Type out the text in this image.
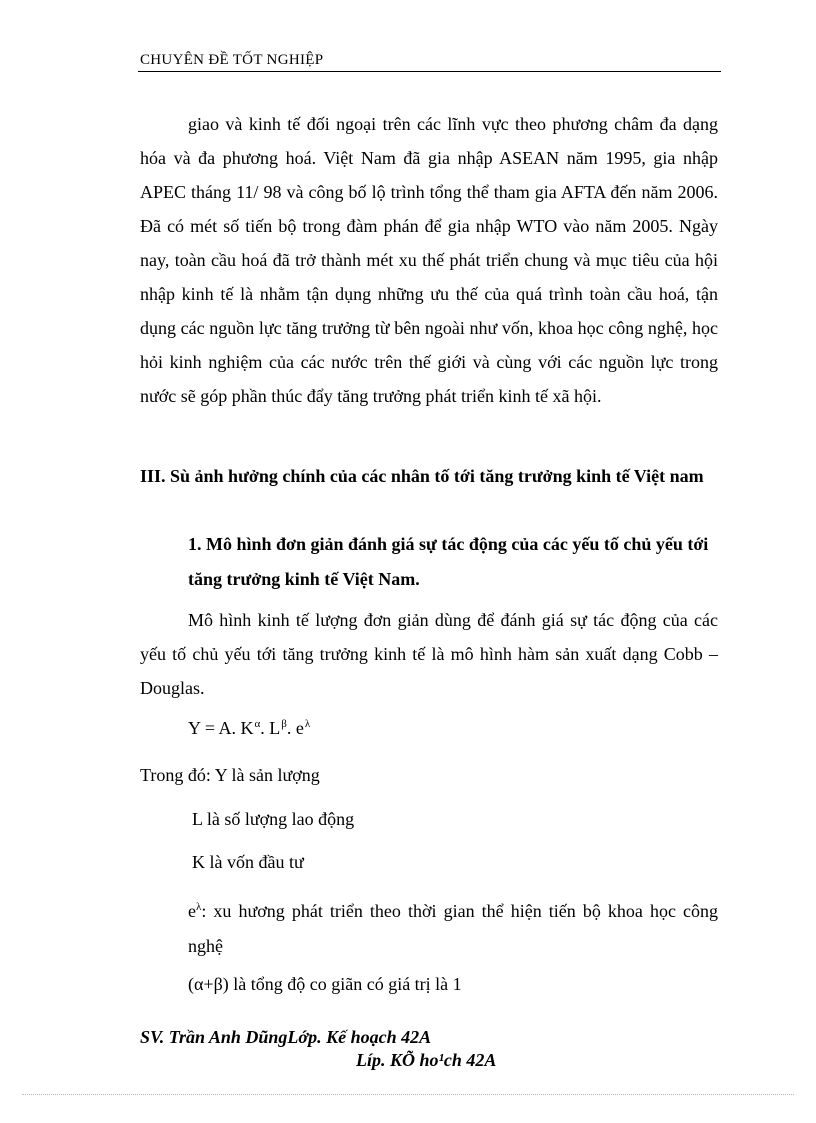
CHUYÊN ĐỀ TỐT NGHIỆP

giao và kinh tế đối ngoại trên các lĩnh vực theo phương châm đa dạng hóa và đa phương hoá. Việt Nam đã gia nhập ASEAN năm 1995, gia nhập APEC tháng 11/ 98 và công bố lộ trình tổng thể tham gia AFTA đến năm 2006. Đã có mét số tiến bộ trong đàm phán để gia nhập WTO vào năm 2005. Ngày nay, toàn cầu hoá đã trở thành mét xu thế phát triển chung và mục tiêu của hội nhập kinh tế là nhằm tận dụng những ưu thế của quá trình toàn cầu hoá, tận dụng các nguồn lực tăng trưởng từ bên ngoài như vốn, khoa học công nghệ, học hỏi kinh nghiệm của các nước trên thế giới và cùng với các nguồn lực trong nước sẽ góp phần thúc đẩy tăng trưởng phát triển kinh tế xã hội.

III. Sù ảnh hưởng chính của các nhân tố tới tăng trưởng kinh tế Việt nam
1. Mô hình đơn giản đánh giá sự tác động của các yếu tố chủ yếu tới tăng trưởng kinh tế Việt Nam.

Mô hình kinh tế lượng đơn giản dùng để đánh giá sự tác động của các yếu tố chủ yếu tới tăng trưởng kinh tế là mô hình hàm sản xuất dạng Cobb – Douglas.

Y = A. $K^\alpha$. $L^\beta$. $e^\lambda$
Trong đó: Y là sản lượng
L là số lượng lao động
K là vốn đầu tư
$e^\lambda$: xu hương phát triển theo thời gian thể hiện tiến bộ khoa học công nghệ
(α+β) là tổng độ co giãn có giá trị là 1
SV. Trần Anh DũngLớp. Kế hoạch 42A
Líp. KÕ ho¹ch 42A
